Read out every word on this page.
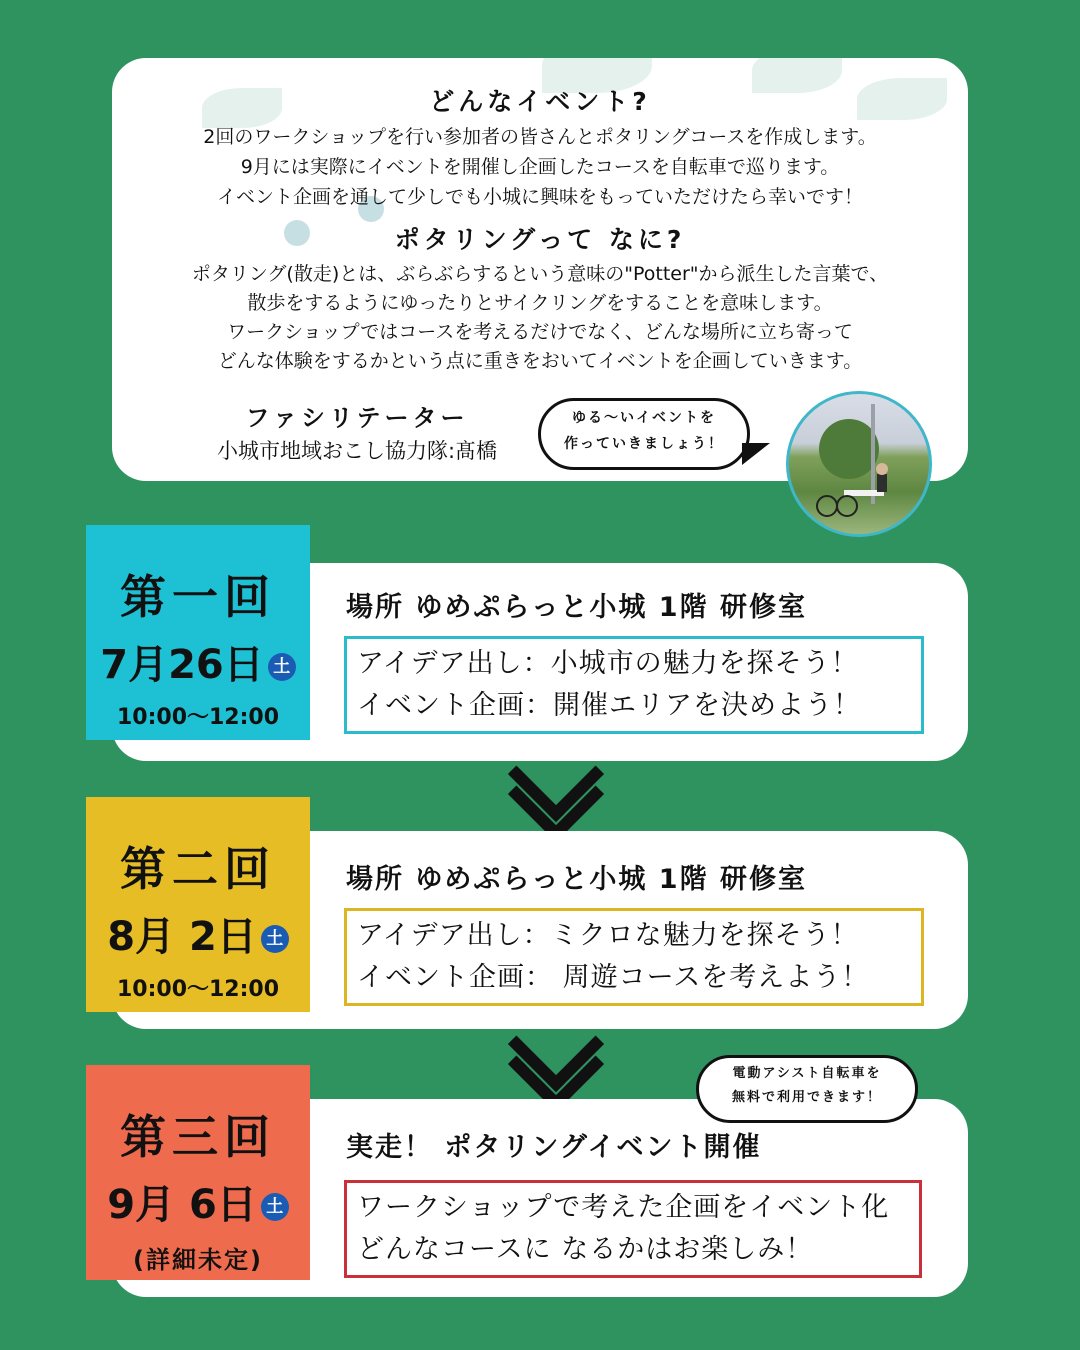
どんなイベント?
2回のワークショップを行い参加者の皆さんとポタリングコースを作成します。
9月には実際にイベントを開催し企画したコースを自転車で巡ります。
イベント企画を通して少しでも小城に興味をもっていただけたら幸いです！
ポタリングって なに?
ポタリング(散走)とは、ぶらぶらするという意味の"Potter"から派生した言葉で、
散歩をするようにゆったりとサイクリングをすることを意味します。
ワークショップではコースを考えるだけでなく、どんな場所に立ち寄って
どんな体験をするかという点に重きをおいてイベントを企画していきます。
ファシリテーター
小城市地域おこし協力隊:髙橋
ゆる〜いイベントを
作っていきましょう！
第一回
7月26日 土
10:00〜12:00
場所 ゆめぷらっと小城 1階 研修室
アイデア出し：小城市の魅力を探そう！
イベント企画：開催エリアを決めよう！
第二回
8月 2日 土
10:00〜12:00
場所 ゆめぷらっと小城 1階 研修室
アイデア出し：ミクロな魅力を探そう！
イベント企画： 周遊コースを考えよう！
第三回
9月 6日 土
(詳細未定)
電動アシスト自転車を
無料で利用できます！
実走！ ポタリングイベント開催
ワークショップで考えた企画をイベント化
どんなコースに なるかはお楽しみ！
